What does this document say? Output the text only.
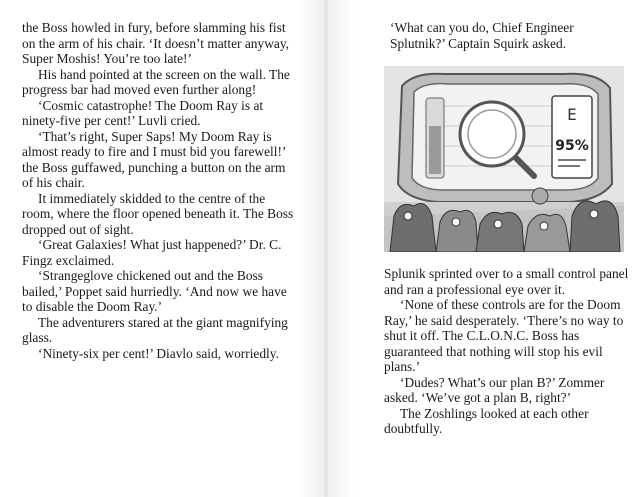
the Boss howled in fury, before slamming his fist on the arm of his chair. ‘It doesn’t matter anyway, Super Moshis! You’re too late!’

His hand pointed at the screen on the wall. The progress bar had moved even further along!

‘Cosmic catastrophe! The Doom Ray is at ninety-five per cent!’ Luvli cried.

‘That’s right, Super Saps! My Doom Ray is almost ready to fire and I must bid you farewell!’ the Boss guffawed, punching a button on the arm of his chair.

It immediately skidded to the centre of the room, where the floor opened beneath it. The Boss dropped out of sight.

‘Great Galaxies! What just happened?’ Dr. C. Fingz exclaimed.

‘Strangeglove chickened out and the Boss bailed,’ Poppet said hurriedly. ‘And now we have to disable the Doom Ray.’

The adventurers stared at the giant magnifying glass.

‘Ninety-six per cent!’ Diavlo said, worriedly.

‘What can you do, Chief Engineer Splutnik?’ Captain Squirk asked.

E
95%

Splunik sprinted over to a small control panel and ran a professional eye over it.

‘None of these controls are for the Doom Ray,’ he said desperately. ‘There’s no way to shut it off. The C.L.O.N.C. Boss has guaranteed that nothing will stop his evil plans.’

‘Dudes? What’s our plan B?’ Zommer asked. ‘We’ve got a plan B, right?’

The Zoshlings looked at each other doubtfully.
